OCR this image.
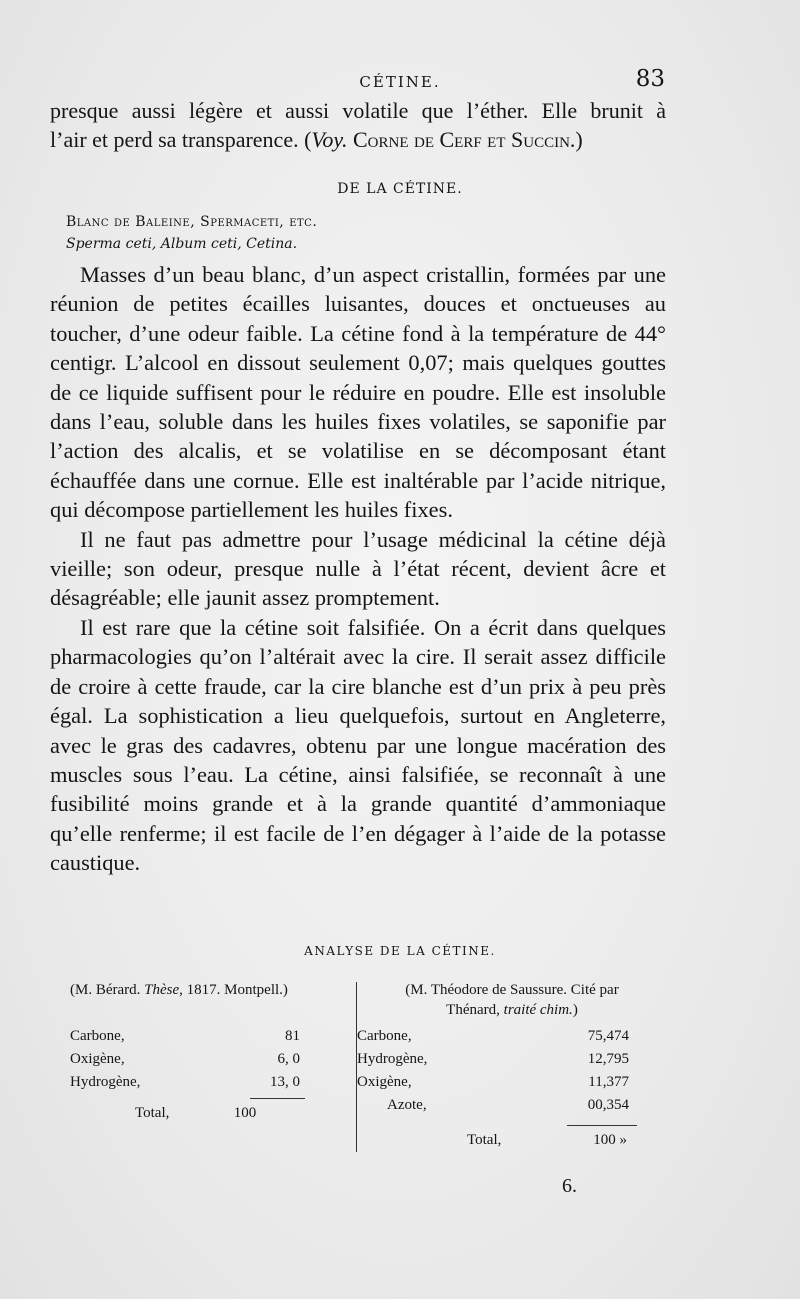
CÉTINE.	83

presque aussi légère et aussi volatile que l’éther. Elle brunit à

l’air et perd sa transparence. (Voy. Corne de Cerf et Succin.)

DE LA CÉTINE.
Blanc de Baleine, Spermaceti, etc.
Sperma ceti, Album ceti, Cetina.

Masses d’un beau blanc, d’un aspect cristallin, formées par une réunion de petites écailles luisantes, douces et onctueuses au toucher, d’une odeur faible. La cétine fond à la température de 44° centigr. L’alcool en dissout seulement 0,07; mais quelques gouttes de ce liquide suffisent pour le réduire en poudre. Elle est insoluble dans l’eau, soluble dans les huiles fixes volatiles, se saponifie par l’action des alcalis, et se volatilise en se décomposant étant échauffée dans une cornue. Elle est inaltérable par l’acide nitrique, qui décompose partiellement les huiles fixes.

Il ne faut pas admettre pour l’usage médicinal la cétine déjà vieille; son odeur, presque nulle à l’état récent, devient âcre et désagréable; elle jaunit assez promptement.

Il est rare que la cétine soit falsifiée. On a écrit dans quelques pharmacologies qu’on l’altérait avec la cire. Il serait assez difficile de croire à cette fraude, car la cire blanche est d’un prix à peu près égal. La sophistication a lieu quelquefois, surtout en Angleterre, avec le gras des cadavres, obtenu par une longue macération des muscles sous l’eau. La cétine, ainsi falsifiée, se reconnaît à une fusibilité moins grande et à la grande quantité d’ammoniaque qu’elle renferme; il est facile de l’en dégager à l’aide de la potasse caustique.

ANALYSE DE LA CÉTINE.
(M. Bérard. Thèse, 1817. Montpell.)
Carbone,	81
Oxigène,	6, 0
Hydrogène,	13, 0
Total,	100
(M. Théodore de Saussure. Cité par
Thénard, traité chim.)
Carbone,	75,474
Hydrogène,	12,795
Oxigène,	11,377
Azote,	00,354
Total,	100 »
6.
